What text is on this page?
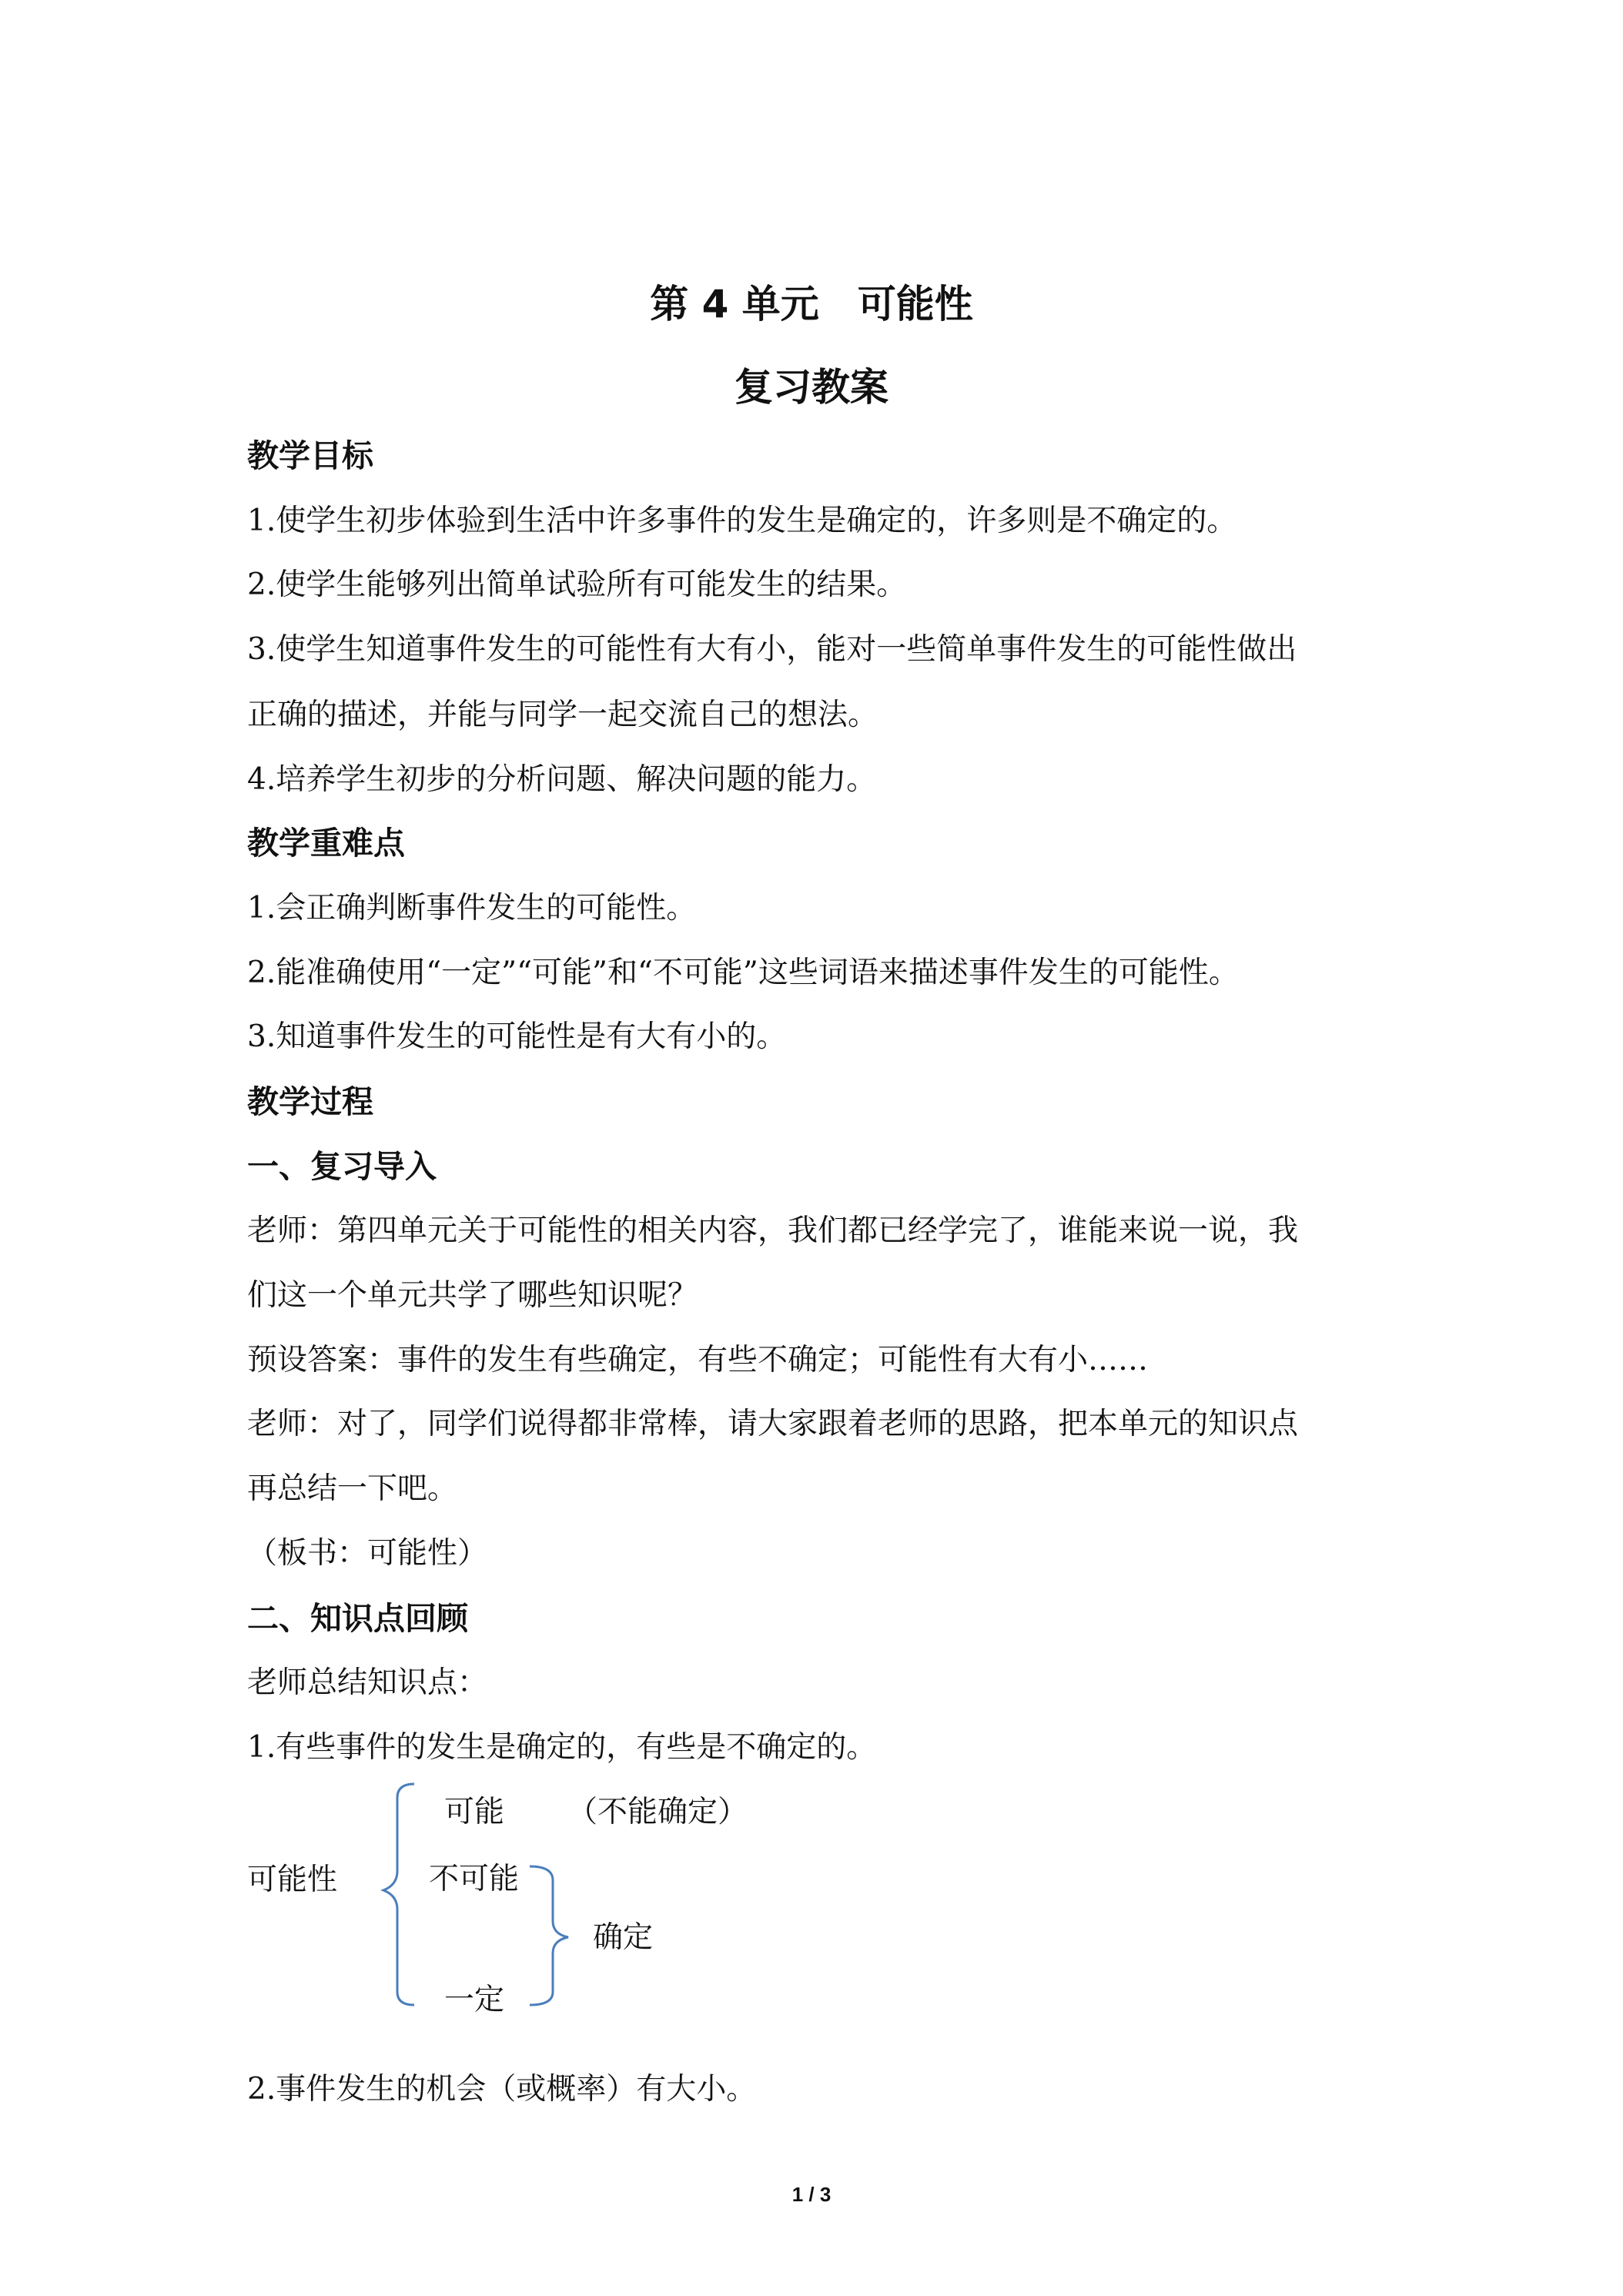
第 4 单元　可能性
复习教案
教学目标
1.使学生初步体验到生活中许多事件的发生是确定的，许多则是不确定的。
2.使学生能够列出简单试验所有可能发生的结果。
3.使学生知道事件发生的可能性有大有小，能对一些简单事件发生的可能性做出
正确的描述，并能与同学一起交流自己的想法。
4.培养学生初步的分析问题、解决问题的能力。
教学重难点
1.会正确判断事件发生的可能性。
2.能准确使用“一定”“可能”和“不可能”这些词语来描述事件发生的可能性。
3.知道事件发生的可能性是有大有小的。
教学过程
一、复习导入
老师：第四单元关于可能性的相关内容，我们都已经学完了，谁能来说一说，我
们这一个单元共学了哪些知识呢？
预设答案：事件的发生有些确定，有些不确定；可能性有大有小……
老师：对了，同学们说得都非常棒，请大家跟着老师的思路，把本单元的知识点
再总结一下吧。
（板书：可能性）
二、知识点回顾
老师总结知识点：
1.有些事件的发生是确定的，有些是不确定的。
可能性
可能 （不能确定）
不可能
一定
确定
2.事件发生的机会（或概率）有大小。
1 / 3
